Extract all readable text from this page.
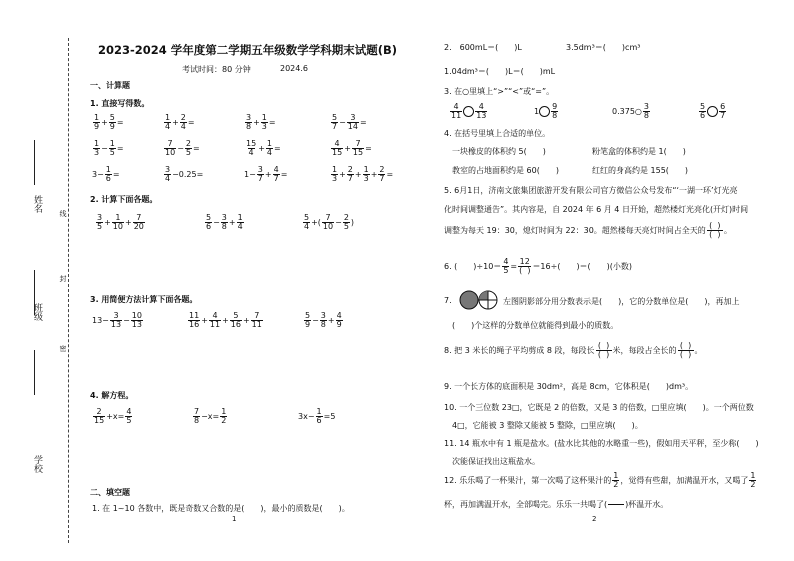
姓名
班级
学校
线
封
密
2023-2024 学年度第二学期五年级数学学科期末试题(B)
考试时间：80 分钟	2024.6
一、计算题
1. 直接写得数。
$\frac{1}{9} + \frac{5}{9}$ =	$\frac{1}{4} + \frac{2}{4}$ =	$\frac{3}{8} + \frac{1}{3}$ =	$\frac{5}{7} - \frac{3}{14}$ =
$\frac{1}{3} - \frac{1}{5}$ =	$\frac{7}{10} - \frac{2}{5}$ =	$\frac{15}{4} + \frac{1}{4}$ =	$\frac{4}{15} + \frac{7}{15}$ =
$3- \frac{1}{6}$ =	$\frac{3}{4} -0.25=$	$1- \frac{3}{7} + \frac{4}{7}$ =	$\frac{1}{3} + \frac{2}{7} + \frac{1}{3} + \frac{2}{7}$ =
2. 计算下面各题。
$\frac{3}{5} + \frac{1}{10} + \frac{7}{20}$	$\frac{5}{6} - \frac{3}{8} + \frac{1}{4}$	$\frac{5}{4}$ +( $\frac{7}{10} - \frac{2}{5}$ )
3. 用简便方法计算下面各题。
$13- \frac{3}{13} - \frac{10}{13}$	$\frac{11}{16} + \frac{4}{11} + \frac{5}{16} + \frac{7}{11}$	$\frac{5}{9} - \frac{3}{8} + \frac{4}{9}$
4. 解方程。
$\frac{2}{15} +x= \frac{4}{5}$	$\frac{7}{8} -x= \frac{1}{2}$	$3x- \frac{1}{6} =5$
二、填空题
1. 在 1~10 各数中，既是奇数又合数的是(　　)，最小的质数是(　　)。
1
2.　600mL＝(　　)L	3.5dm³＝(　　)cm³
1.04dm³＝(　　)L＝(　　)mL
3. 在○里填上“>”“<”或“=”。
$\frac{4}{11} \frac{4}{13}$	$1 \frac{9}{8}$	0.375○ $\frac{3}{8}$	$\frac{5}{6} \frac{6}{7}$
4. 在括号里填上合适的单位。
一块橡皮的体积约 5(　　)	粉笔盒的体积约是 1(　　)
教室的占地面积约是 60(　　)	红红的身高约是 155(　　)
5. 6月1日，济南文旅集团旅游开发有限公司官方微信公众号发布“‘一湖一环’灯光亮
化时间调整通告”。其内容是，自 2024 年 6 月 4 日开始，超然楼灯光亮化(开灯)时间
调整为每天 19：30，熄灯时间为 22：30。超然楼每天亮灯时间占全天的 $\frac{( )}{( )}$ 。
6. (　　)$\div 10= \frac{4}{5} = \frac{12}{( )} =16\div$(　　)＝(　　)(小数)
7.	左图阴影部分用分数表示是(　　)，它的分数单位是(　　)，再加上
(　　)个这样的分数单位就能得到最小的质数。
8. 把 3 米长的绳子平均剪成 8 段，每段长 $\frac{( )}{( )}$ 米，每段占全长的 $\frac{( )}{( )}$ 。
9. 一个长方体的底面积是 30dm²，高是 8cm，它体积是(　　)dm³。
10. 一个三位数 23□，它既是 2 的倍数，又是 3 的倍数，□里应填(　　)。一个两位数
4□，它能被 3 整除又能被 5 整除，□里应填(　　)。
11. 14 瓶水中有 1 瓶是盐水。(盐水比其他的水略重一些)，假如用天平秤，至少称(　　)
次能保证找出这瓶盐水。
12. 乐乐喝了一杯果汁，第一次喝了这杯果汁的 $\frac{1}{2}$ ，觉得有些甜，加满温开水，又喝了 $\frac{1}{2}$
杯，再加满温开水，全部喝完。乐乐一共喝了(

)杯温开水。
2
